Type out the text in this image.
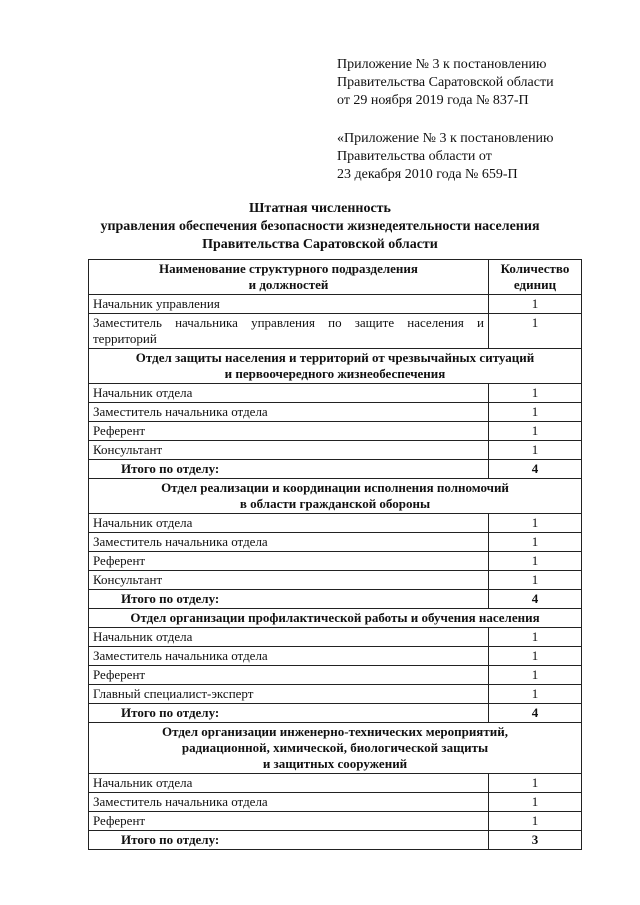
Приложение № 3 к постановлению

Правительства Саратовской области

от 29 ноября 2019 года № 837-П

«Приложение № 3 к постановлению

Правительства области от

23 декабря 2010 года № 659-П

Штатная численность

управления обеспечения безопасности жизнедеятельности населения

Правительства Саратовской области

Наименование структурного подразделения
и должностей	Количество
единиц
Начальник управления	1
Заместитель начальника управления по защите населения и территорий	1
Отдел защиты населения и территорий от чрезвычайных ситуаций
и первоочередного жизнеобеспечения	
Начальник отдела	1
Заместитель начальника отдела	1
Референт	1
Консультант	1
Итого по отделу:	4
Отдел реализации и координации исполнения полномочий
в области гражданской обороны	
Начальник отдела	1
Заместитель начальника отдела	1
Референт	1
Консультант	1
Итого по отделу:	4
Отдел организации профилактической работы и обучения населения	
Начальник отдела	1
Заместитель начальника отдела	1
Референт	1
Главный специалист-эксперт	1
Итого по отделу:	4
Отдел организации инженерно-технических мероприятий,
радиационной, химической, биологической защиты
и защитных сооружений	
Начальник отдела	1
Заместитель начальника отдела	1
Референт	1
Итого по отделу:	3
